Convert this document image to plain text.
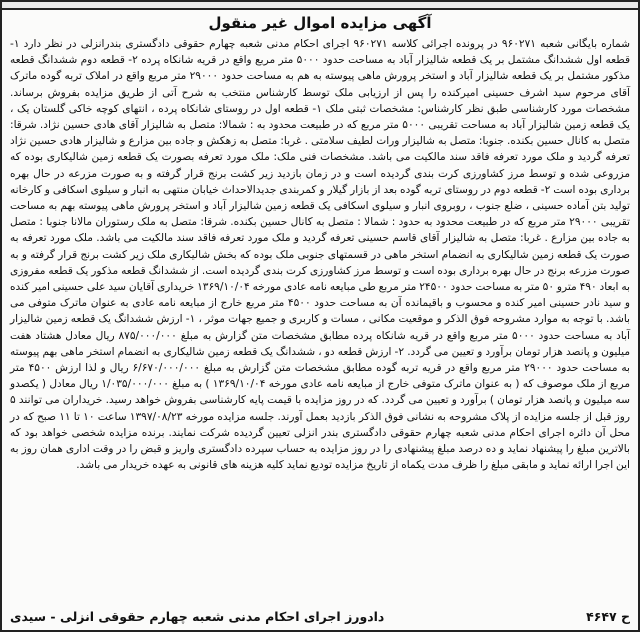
آگهی مزایده اموال غیر منقول

شماره بایگانی شعبه ۹۶۰۲۷۱ در پرونده اجرائی کلاسه ۹۶۰۲۷۱ اجرای احکام مدنی شعبه چهارم حقوقی دادگستری بندرانزلی در نظر دارد ۱- قطعه اول ششدانگ مشتمل بر یک قطعه شالیزار آباد به مساحت حدود ۵۰۰۰ متر مربع واقع در قریه شانکاه پرده ۲- قطعه دوم ششدانگ قطعه مذکور مشتمل بر یک قطعه شالیزار آباد و استخر پرورش ماهی پیوسته به هم به مساحت حدود ۲۹۰۰۰ متر مربع واقع در املاک تربه گوده ماترک آقای مرحوم سید اشرف حسینی امیرکنده را پس از ارزیابی ملک توسط کارشناس منتخب به شرح آتی از طریق مزایده بفروش برساند. مشخصات مورد کارشناسی طبق نظر کارشناس: مشخصات ثبتی ملک ۱- قطعه اول در روستای شانکاه پرده ، انتهای کوچه خاکی گلستان یک ، یک قطعه زمین شالیزار آباد به مساحت تقریبی ۵۰۰۰ متر مربع که در طبیعت محدود به : شمالا: متصل به شالیزار آقای هادی حسین نژاد. شرقا: متصل به کانال حسین بکنده. جنوبا: متصل به شالیزار ورات لطیف سلامتی . غربا: متصل به زهکش و جاده بین مزارع و شالیزار هادی حسین نژاد تعرفه گردید و ملک مورد تعرفه فاقد سند مالکیت می باشد. مشخصات فنی ملک: ملک مورد تعرفه بصورت یک قطعه زمین شالیکاری بوده که مزروعی شده و توسط مرز کشاورزی کرت بندی گردیده است و در زمان بازدید زیر کشت برنج قرار گرفته و به صورت مزرعه در حال بهره برداری بوده است ۲- قطعه دوم در روستای تربه گوده بعد از بازار گیلار و کمربندی جدیدالاحداث خیابان منتهی به انبار و سیلوی اسکافی و کارخانه تولید بتن آماده حسینی ، ضلع جنوب ، روبروی انبار و سیلوی اسکافی یک قطعه زمین شالیزار آباد و استخر پرورش ماهی پیوسته بهم به مساحت تقریبی ۲۹۰۰۰ متر مربع که در طبیعت محدود به حدود : شمالا : متصل به کانال حسین بکنده. شرقا: متصل به ملک رستوران مالانا جنوبا : متصل به جاده بین مزارع . غربا: متصل به شالیزار آقای قاسم حسینی تعرفه گردید و ملک مورد تعرفه فاقد سند مالکیت می باشد. ملک مورد تعرفه به صورت یک قطعه زمین شالیکاری به انضمام استخر ماهی در قسمتهای جنوبی ملک بوده که بخش شالیکاری ملک زیر کشت برنج قرار گرفته و به صورت مزرعه برنج در حال بهره برداری بوده است و توسط مرز کشاورزی کرت بندی گردیده است. از ششدانگ قطعه مذکور یک قطعه مفروزی به ابعاد ۴۹۰ مترو ۵۰ متر به مساحت حدود ۲۴۵۰۰ متر مربع طی مبایعه نامه عادی مورخه ۱۳۶۹/۱۰/۰۴ خریداری آقایان سید علی حسینی امیر کنده و سید نادر حسینی امیر کنده و محسوب و باقیمانده آن به مساحت حدود ۴۵۰۰ متر مربع خارج از مبایعه نامه عادی به عنوان ماترک متوفی می باشد. با توجه به موارد مشروحه فوق الذکر و موقعیت مکانی ، مسات و کاربری و جمیع جهات موثر ، ۱- ارزش ششدانگ یک قطعه زمین شالیزار آباد به مساحت حدود ۵۰۰۰ متر مربع واقع در قریه شانکاه پرده مطابق مشخصات متن گزارش به مبلغ ۸۷۵/۰۰۰/۰۰۰ ریال معادل هشتاد هفت میلیون و پانصد هزار تومان برآورد و تعیین می گردد. ۲- ارزش قطعه دو ، ششدانگ یک قطعه زمین شالیکاری به انضمام استخر ماهی بهم پیوسته به مساحت حدود ۲۹۰۰۰ متر مربع واقع در قریه تربه گوده مطابق مشخصات متن گزارش به مبلغ ۶/۶۷۰/۰۰۰/۰۰۰ ریال و لذا ارزش ۴۵۰۰ متر مربع از ملک موصوف که ( به عنوان ماترک متوفی خارج از مبایعه نامه عادی مورخه ۱۳۶۹/۱۰/۰۴ ) به مبلغ ۱/۰۳۵/۰۰۰/۰۰۰ ریال معادل ( یکصدو سه میلیون و پانصد هزار تومان ) برآورد و تعیین می گردد. که در روز مزایده با قیمت پایه کارشناسی بفروش خواهد رسید. خریداران می توانند ۵ روز قبل از جلسه مزایده از پلاک مشروحه به نشانی فوق الذکر بازدید بعمل آورند. جلسه مزایده مورخه ۱۳۹۷/۰۸/۲۳ ساعت ۱۰ تا ۱۱ صبح که در محل آن دائره اجرای احکام مدنی شعبه چهارم حقوقی دادگستری بندر انزلی تعیین گردیده شرکت نمایند. برنده مزایده شخصی خواهد بود که بالاترین مبلغ را پیشنهاد نماید و ده درصد مبلغ پیشنهادی را در روز مزایده به حساب سپرده دادگستری واریز و قبض را در وقت اداری همان روز به این اجرا ارائه نماید و مابقی مبلغ را ظرف مدت یکماه از تاریخ مزایده تودیع نماید کلیه هزینه های قانونی به عهده خریدار می باشد.

ح ۴۶۴۷
دادورز اجرای احکام مدنی شعبه چهارم حقوقی انزلی - سیدی
